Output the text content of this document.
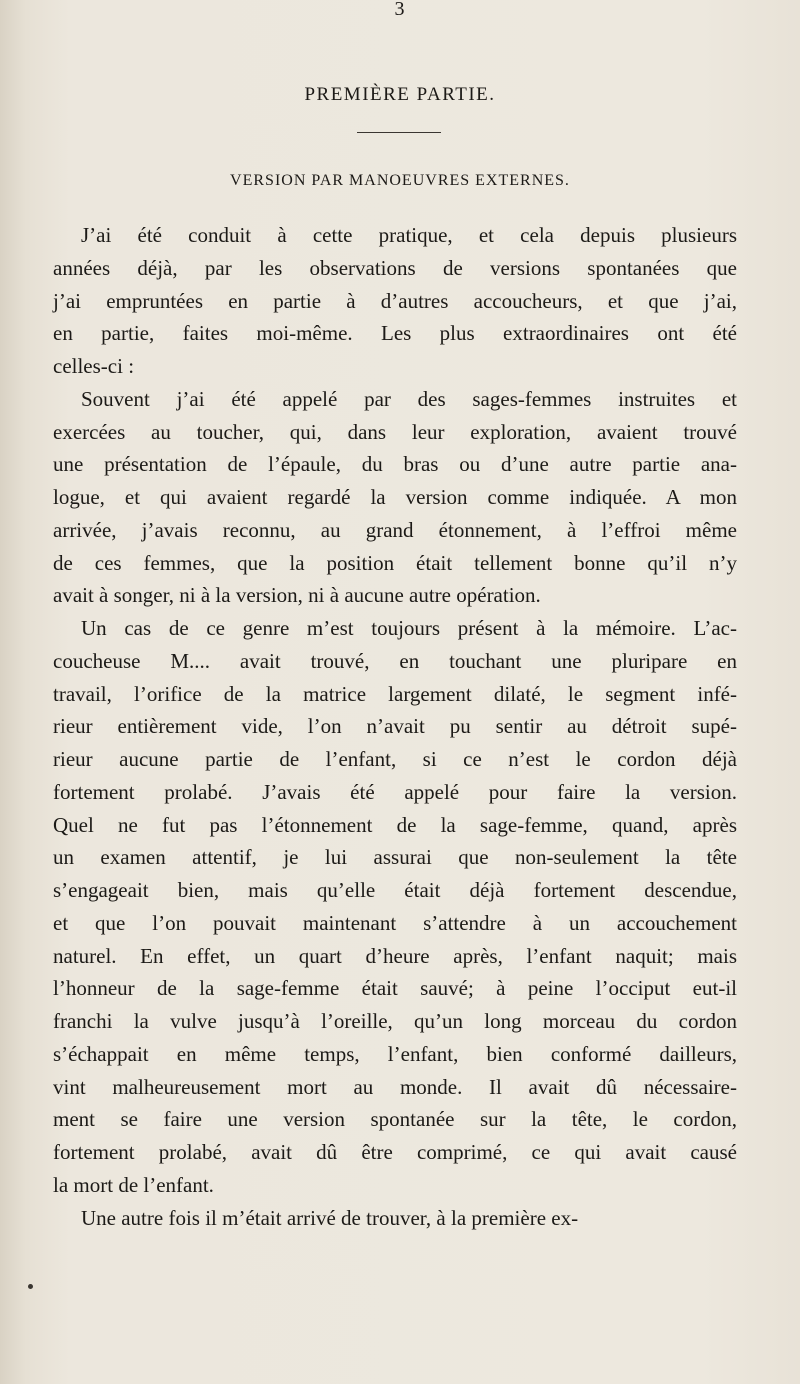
3
PREMIÈRE PARTIE.
VERSION PAR MANOEUVRES EXTERNES.

J’ai été conduit à cette pratique, et cela depuis plusieurs
années déjà, par les observations de versions spontanées que
j’ai empruntées en partie à d’autres accoucheurs, et que j’ai,
en partie, faites moi-même. Les plus extraordinaires ont été
celles-ci :

Souvent j’ai été appelé par des sages-femmes instruites et
exercées au toucher, qui, dans leur exploration, avaient trouvé
une présentation de l’épaule, du bras ou d’une autre partie ana-
logue, et qui avaient regardé la version comme indiquée. A mon
arrivée, j’avais reconnu, au grand étonnement, à l’effroi même
de ces femmes, que la position était tellement bonne qu’il n’y
avait à songer, ni à la version, ni à aucune autre opération.

Un cas de ce genre m’est toujours présent à la mémoire. L’ac-
coucheuse M.... avait trouvé, en touchant une pluripare en
travail, l’orifice de la matrice largement dilaté, le segment infé-
rieur entièrement vide, l’on n’avait pu sentir au détroit supé-
rieur aucune partie de l’enfant, si ce n’est le cordon déjà
fortement prolabé. J’avais été appelé pour faire la version.
Quel ne fut pas l’étonnement de la sage-femme, quand, après
un examen attentif, je lui assurai que non-seulement la tête
s’engageait bien, mais qu’elle était déjà fortement descendue,
et que l’on pouvait maintenant s’attendre à un accouchement
naturel. En effet, un quart d’heure après, l’enfant naquit; mais
l’honneur de la sage-femme était sauvé; à peine l’occiput eut-il
franchi la vulve jusqu’à l’oreille, qu’un long morceau du cordon
s’échappait en même temps, l’enfant, bien conformé dailleurs,
vint malheureusement mort au monde. Il avait dû nécessaire-
ment se faire une version spontanée sur la tête, le cordon,
fortement prolabé, avait dû être comprimé, ce qui avait causé
la mort de l’enfant.

Une autre fois il m’était arrivé de trouver, à la première ex-
